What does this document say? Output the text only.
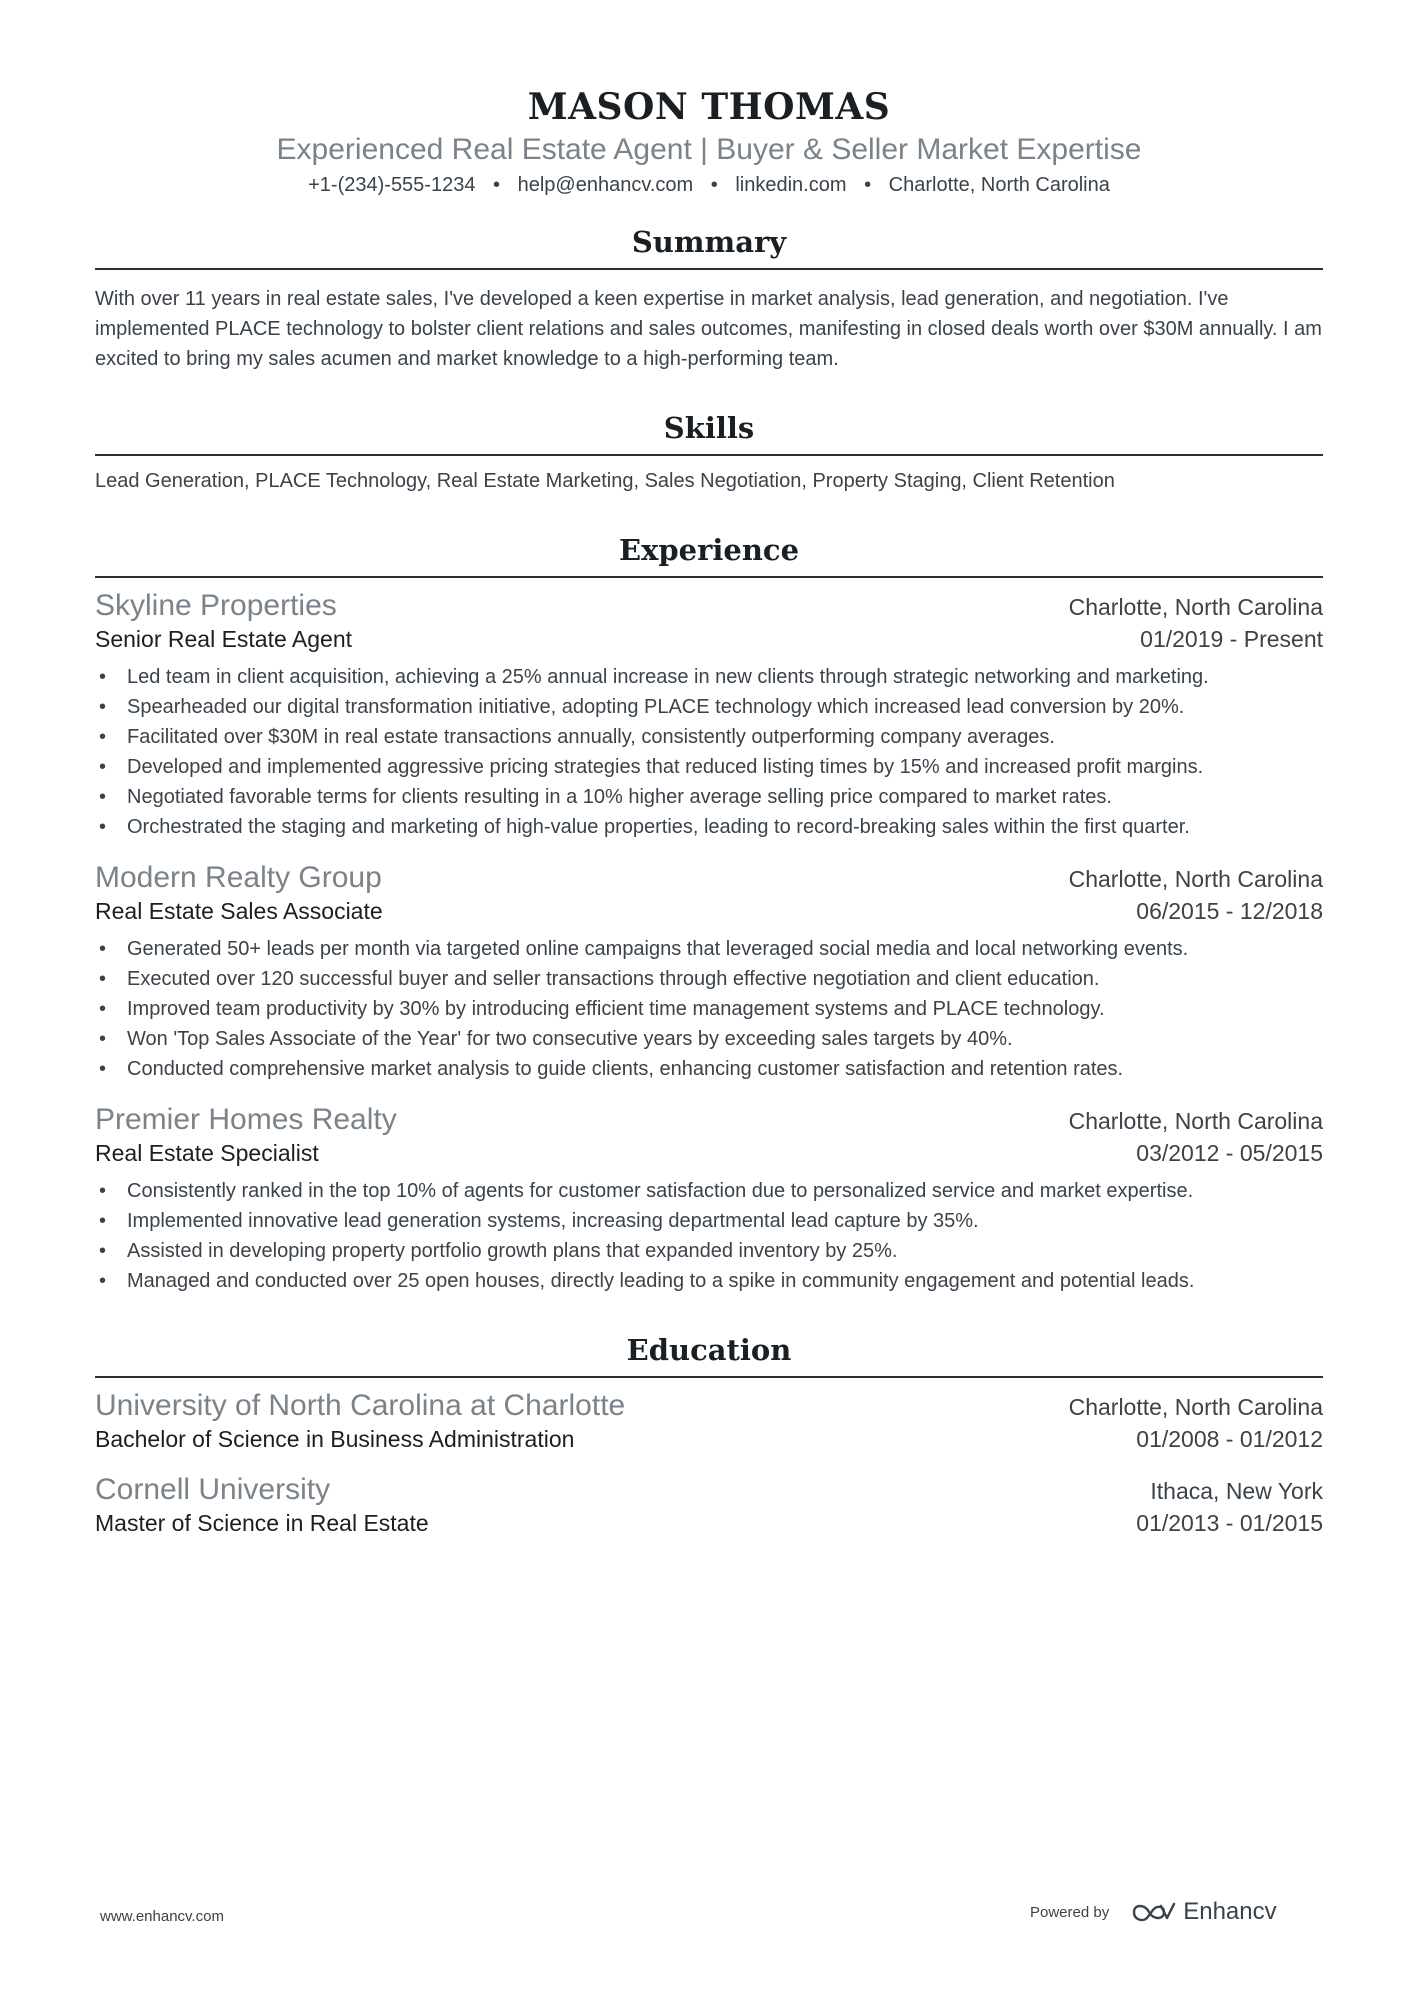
MASON THOMAS
Experienced Real Estate Agent | Buyer & Seller Market Expertise
+1-(234)-555-1234 • help@enhancv.com • linkedin.com • Charlotte, North Carolina
Summary
With over 11 years in real estate sales, I've developed a keen expertise in market analysis, lead generation, and negotiation. I've implemented PLACE technology to bolster client relations and sales outcomes, manifesting in closed deals worth over $30M annually. I am excited to bring my sales acumen and market knowledge to a high-performing team.
Skills
Lead Generation, PLACE Technology, Real Estate Marketing, Sales Negotiation, Property Staging, Client Retention
Experience
Skyline Properties	Charlotte, North Carolina
Senior Real Estate Agent	01/2019 - Present
• Led team in client acquisition, achieving a 25% annual increase in new clients through strategic networking and marketing.
• Spearheaded our digital transformation initiative, adopting PLACE technology which increased lead conversion by 20%.
• Facilitated over $30M in real estate transactions annually, consistently outperforming company averages.
• Developed and implemented aggressive pricing strategies that reduced listing times by 15% and increased profit margins.
• Negotiated favorable terms for clients resulting in a 10% higher average selling price compared to market rates.
• Orchestrated the staging and marketing of high-value properties, leading to record-breaking sales within the first quarter.
Modern Realty Group	Charlotte, North Carolina
Real Estate Sales Associate	06/2015 - 12/2018
• Generated 50+ leads per month via targeted online campaigns that leveraged social media and local networking events.
• Executed over 120 successful buyer and seller transactions through effective negotiation and client education.
• Improved team productivity by 30% by introducing efficient time management systems and PLACE technology.
• Won 'Top Sales Associate of the Year' for two consecutive years by exceeding sales targets by 40%.
• Conducted comprehensive market analysis to guide clients, enhancing customer satisfaction and retention rates.
Premier Homes Realty	Charlotte, North Carolina
Real Estate Specialist	03/2012 - 05/2015
• Consistently ranked in the top 10% of agents for customer satisfaction due to personalized service and market expertise.
• Implemented innovative lead generation systems, increasing departmental lead capture by 35%.
• Assisted in developing property portfolio growth plans that expanded inventory by 25%.
• Managed and conducted over 25 open houses, directly leading to a spike in community engagement and potential leads.
Education
University of North Carolina at Charlotte	Charlotte, North Carolina
Bachelor of Science in Business Administration	01/2008 - 01/2012
Cornell University	Ithaca, New York
Master of Science in Real Estate	01/2013 - 01/2015
www.enhancv.com	Powered by	Enhancv
